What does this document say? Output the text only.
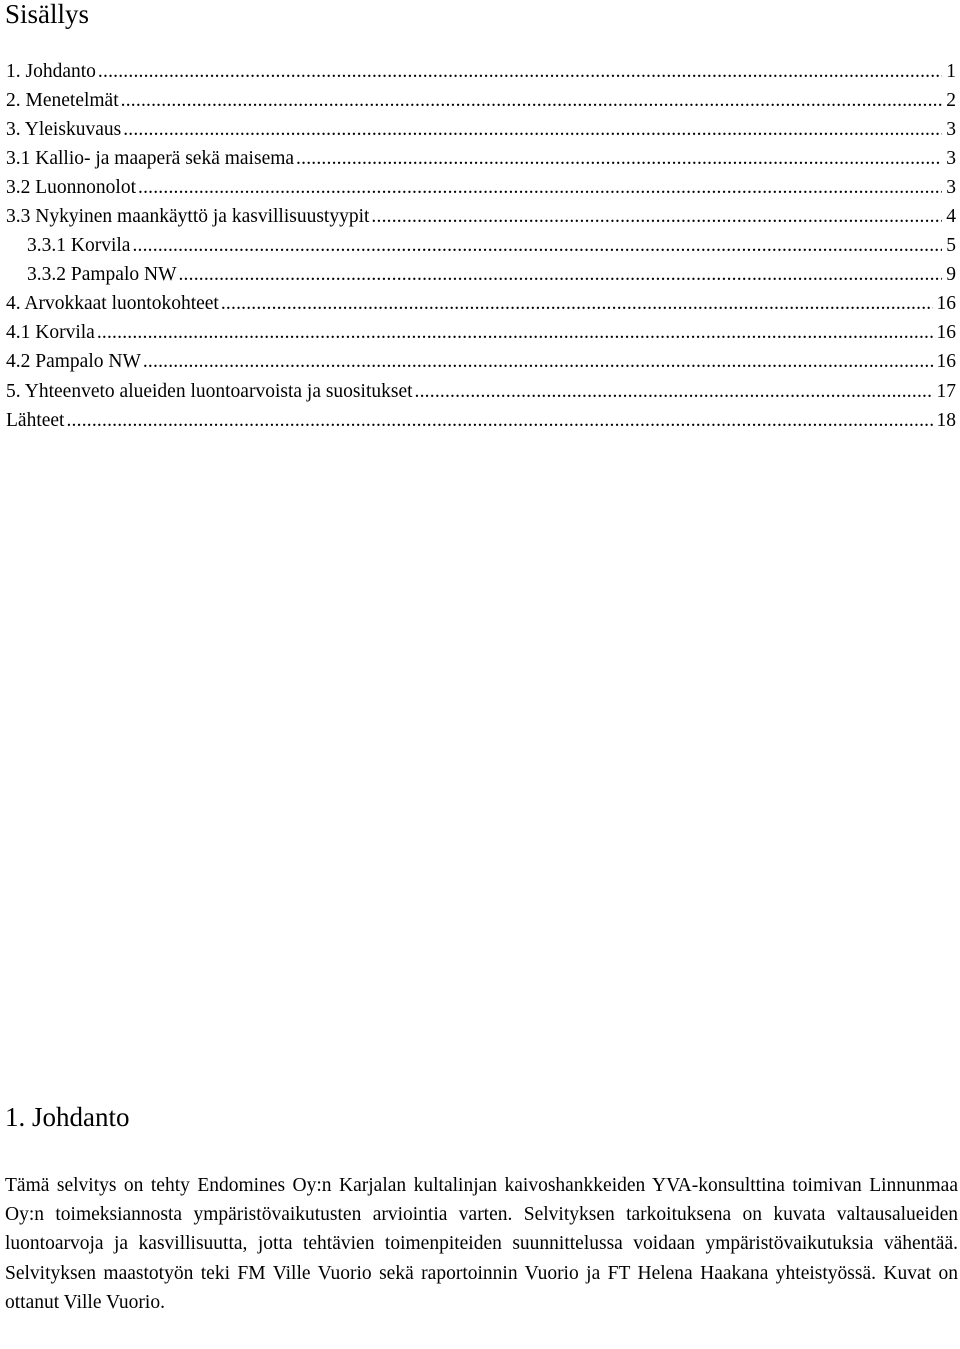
Sisällys
1. Johdanto .....	1
2. Menetelmät .....	2
3. Yleiskuvaus .....	3
3.1 Kallio- ja maaperä sekä maisema .....	3
3.2 Luonnonolot .....	3
3.3 Nykyinen maankäyttö ja kasvillisuustyypit .....	4
3.3.1 Korvila .....	5
3.3.2 Pampalo NW .....	9
4. Arvokkaat luontokohteet .....	16
4.1 Korvila .....	16
4.2 Pampalo NW .....	16
5. Yhteenveto alueiden luontoarvoista ja suositukset .....	17
Lähteet .....	18
1. Johdanto

Tämä selvitys on tehty Endomines Oy:n Karjalan kultalinjan kaivoshankkeiden YVA-konsulttina toimivan Linnunmaa Oy:n toimeksiannosta ympäristövaikutusten arviointia varten. Selvityksen tarkoituksena on kuvata valtausalueiden luontoarvoja ja kasvillisuutta, jotta tehtävien toimenpiteiden suunnittelussa voidaan ympäristövaikutuksia vähentää. Selvityksen maastotyön teki FM Ville Vuorio sekä raportoinnin Vuorio ja FT Helena Haakana yhteistyössä. Kuvat on ottanut Ville Vuorio.
